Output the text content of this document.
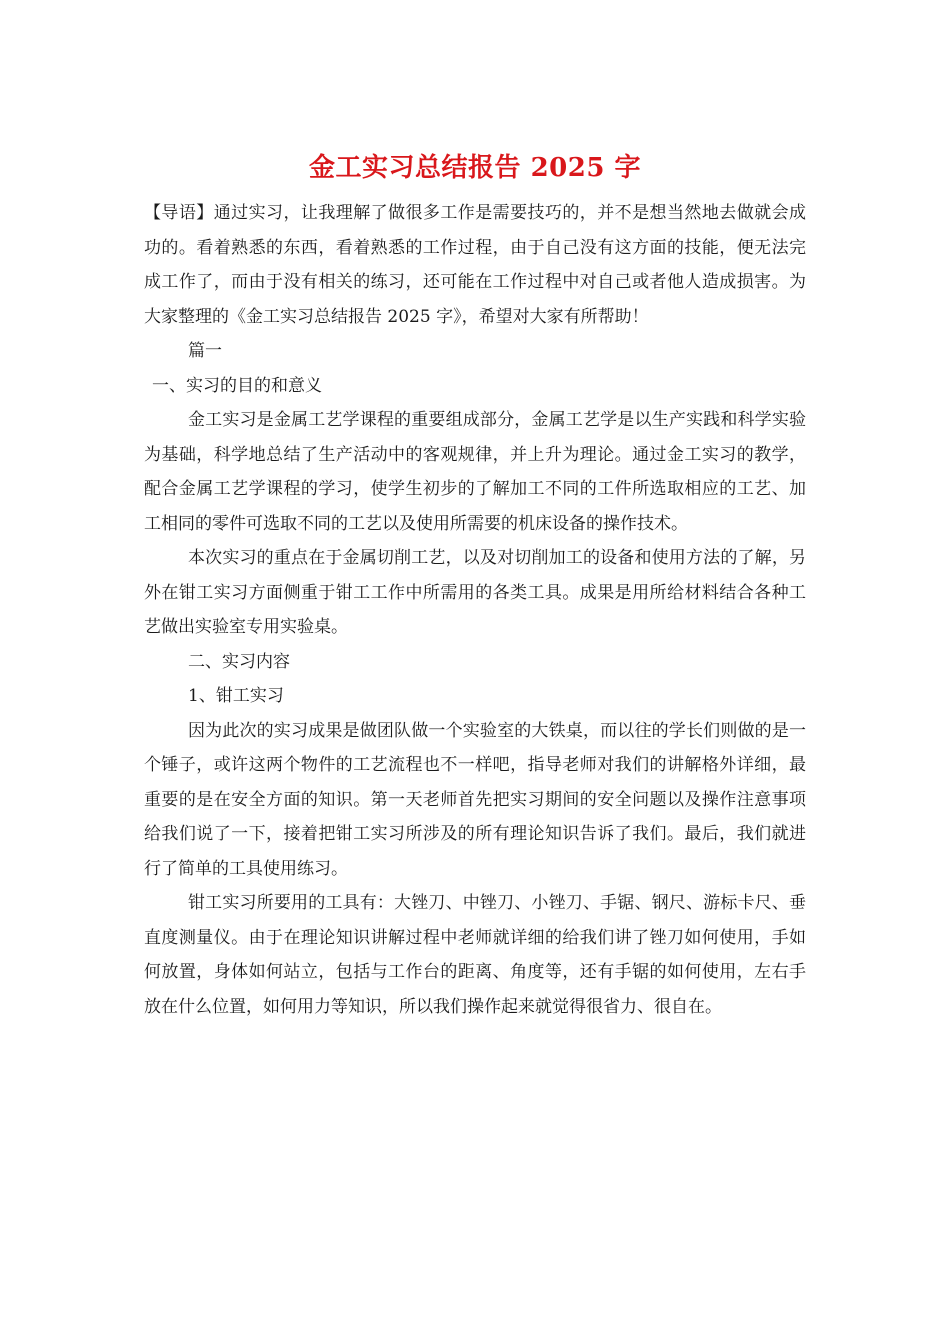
金工实习总结报告 2025 字

【导语】通过实习，让我理解了做很多工作是需要技巧的，并不是想当然地去做就会成功的。看着熟悉的东西，看着熟悉的工作过程，由于自己没有这方面的技能，便无法完成工作了，而由于没有相关的练习，还可能在工作过程中对自己或者他人造成损害。为大家整理的《金工实习总结报告 2025 字》，希望对大家有所帮助！

篇一

一、实习的目的和意义

金工实习是金属工艺学课程的重要组成部分，金属工艺学是以生产实践和科学实验为基础，科学地总结了生产活动中的客观规律，并上升为理论。通过金工实习的教学，配合金属工艺学课程的学习，使学生初步的了解加工不同的工件所选取相应的工艺、加工相同的零件可选取不同的工艺以及使用所需要的机床设备的操作技术。

本次实习的重点在于金属切削工艺，以及对切削加工的设备和使用方法的了解，另外在钳工实习方面侧重于钳工工作中所需用的各类工具。成果是用所给材料结合各种工艺做出实验室专用实验桌。

二、实习内容

1、钳工实习

因为此次的实习成果是做团队做一个实验室的大铁桌，而以往的学长们则做的是一个锤子，或许这两个物件的工艺流程也不一样吧，指导老师对我们的讲解格外详细，最重要的是在安全方面的知识。第一天老师首先把实习期间的安全问题以及操作注意事项给我们说了一下，接着把钳工实习所涉及的所有理论知识告诉了我们。最后，我们就进行了简单的工具使用练习。

钳工实习所要用的工具有：大锉刀、中锉刀、小锉刀、手锯、钢尺、游标卡尺、垂直度测量仪。由于在理论知识讲解过程中老师就详细的给我们讲了锉刀如何使用，手如何放置，身体如何站立，包括与工作台的距离、角度等，还有手锯的如何使用，左右手放在什么位置，如何用力等知识，所以我们操作起来就觉得很省力、很自在。
